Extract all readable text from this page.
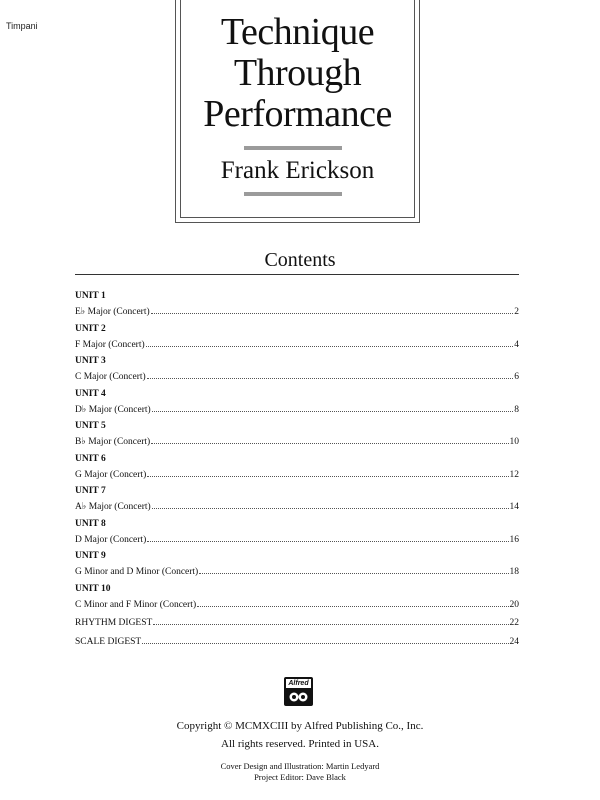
Timpani	Technique
Through
Performance
Frank Erickson
Contents
UNIT 1
E♭ Major (Concert)	2
UNIT 2
F Major (Concert)	4
UNIT 3
C Major (Concert)	6
UNIT 4
D♭ Major (Concert)	8
UNIT 5
B♭ Major (Concert)	10
UNIT 6
G Major (Concert)	12
UNIT 7
A♭ Major (Concert)	14
UNIT 8
D Major (Concert)	16
UNIT 9
G Minor and D Minor (Concert)	18
UNIT 10
C Minor and F Minor (Concert)	20
RHYTHM DIGEST	22
SCALE DIGEST	24
Alfred
Copyright © MCMXCIII by Alfred Publishing Co., Inc.
All rights reserved. Printed in USA.
Cover Design and Illustration: Martin Ledyard
Project Editor: Dave Black
